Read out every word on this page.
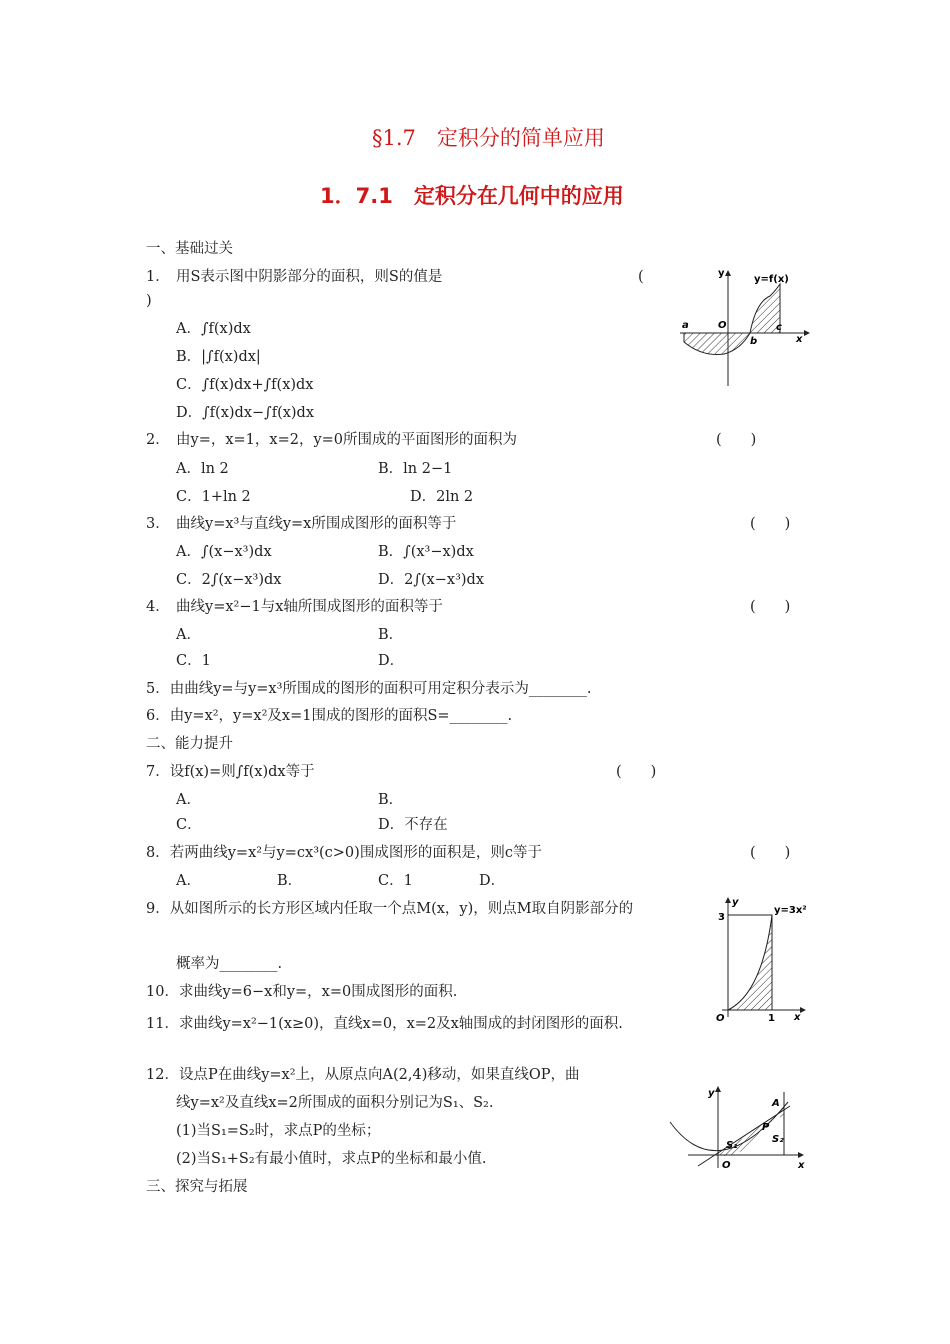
§1.7　定积分的简单应用
1．7.1　定积分在几何中的应用
一、基础过关
1． 用S表示图中阴影部分的面积，则S的值是	(
)
A．∫f(x)dx
B．|∫f(x)dx|
C．∫f(x)dx+∫f(x)dx
D．∫f(x)dx−∫f(x)dx
y=f(x)
y
x
a	O
b
c
2． 由y=，x=1，x=2，y=0所围成的平面图形的面积为	(　　)
A．ln 2	B．ln 2−1
C．1+ln 2	D．2ln 2
3． 曲线y=x³与直线y=x所围成图形的面积等于	(　　)
A．∫(x−x³)dx	B．∫(x³−x)dx
C．2∫(x−x³)dx	D．2∫(x−x³)dx
4． 曲线y=x²−1与x轴所围成图形的面积等于	(　　)
A．	B．
C．1	D．
5．由曲线y=与y=x³所围成的图形的面积可用定积分表示为________.
6．由y=x²，y=x²及x=1围成的图形的面积S=________.
二、能力提升
7．设f(x)=则∫f(x)dx等于	(　　)
A．	B．
C．	D．不存在
8．若两曲线y=x²与y=cx³(c>0)围成图形的面积是，则c等于	(　　)
A．	B．	C．1	D．
9．从如图所示的长方形区域内任取一个点M(x，y)，则点M取自阴影部分的
概率为________.
y=3x²
y
x
3
1
O
10．求曲线y=6−x和y=，x=0围成图形的面积.
11．求曲线y=x²−1(x≥0)，直线x=0，x=2及x轴围成的封闭图形的面积.
12．设点P在曲线y=x²上，从原点向A(2,4)移动，如果直线OP，曲
线y=x²及直线x=2所围成的面积分别记为S₁、S₂.
(1)当S₁=S₂时，求点P的坐标；
(2)当S₁+S₂有最小值时，求点P的坐标和最小值.
y
x
O
A
P
S₁
S₂
三、探究与拓展
